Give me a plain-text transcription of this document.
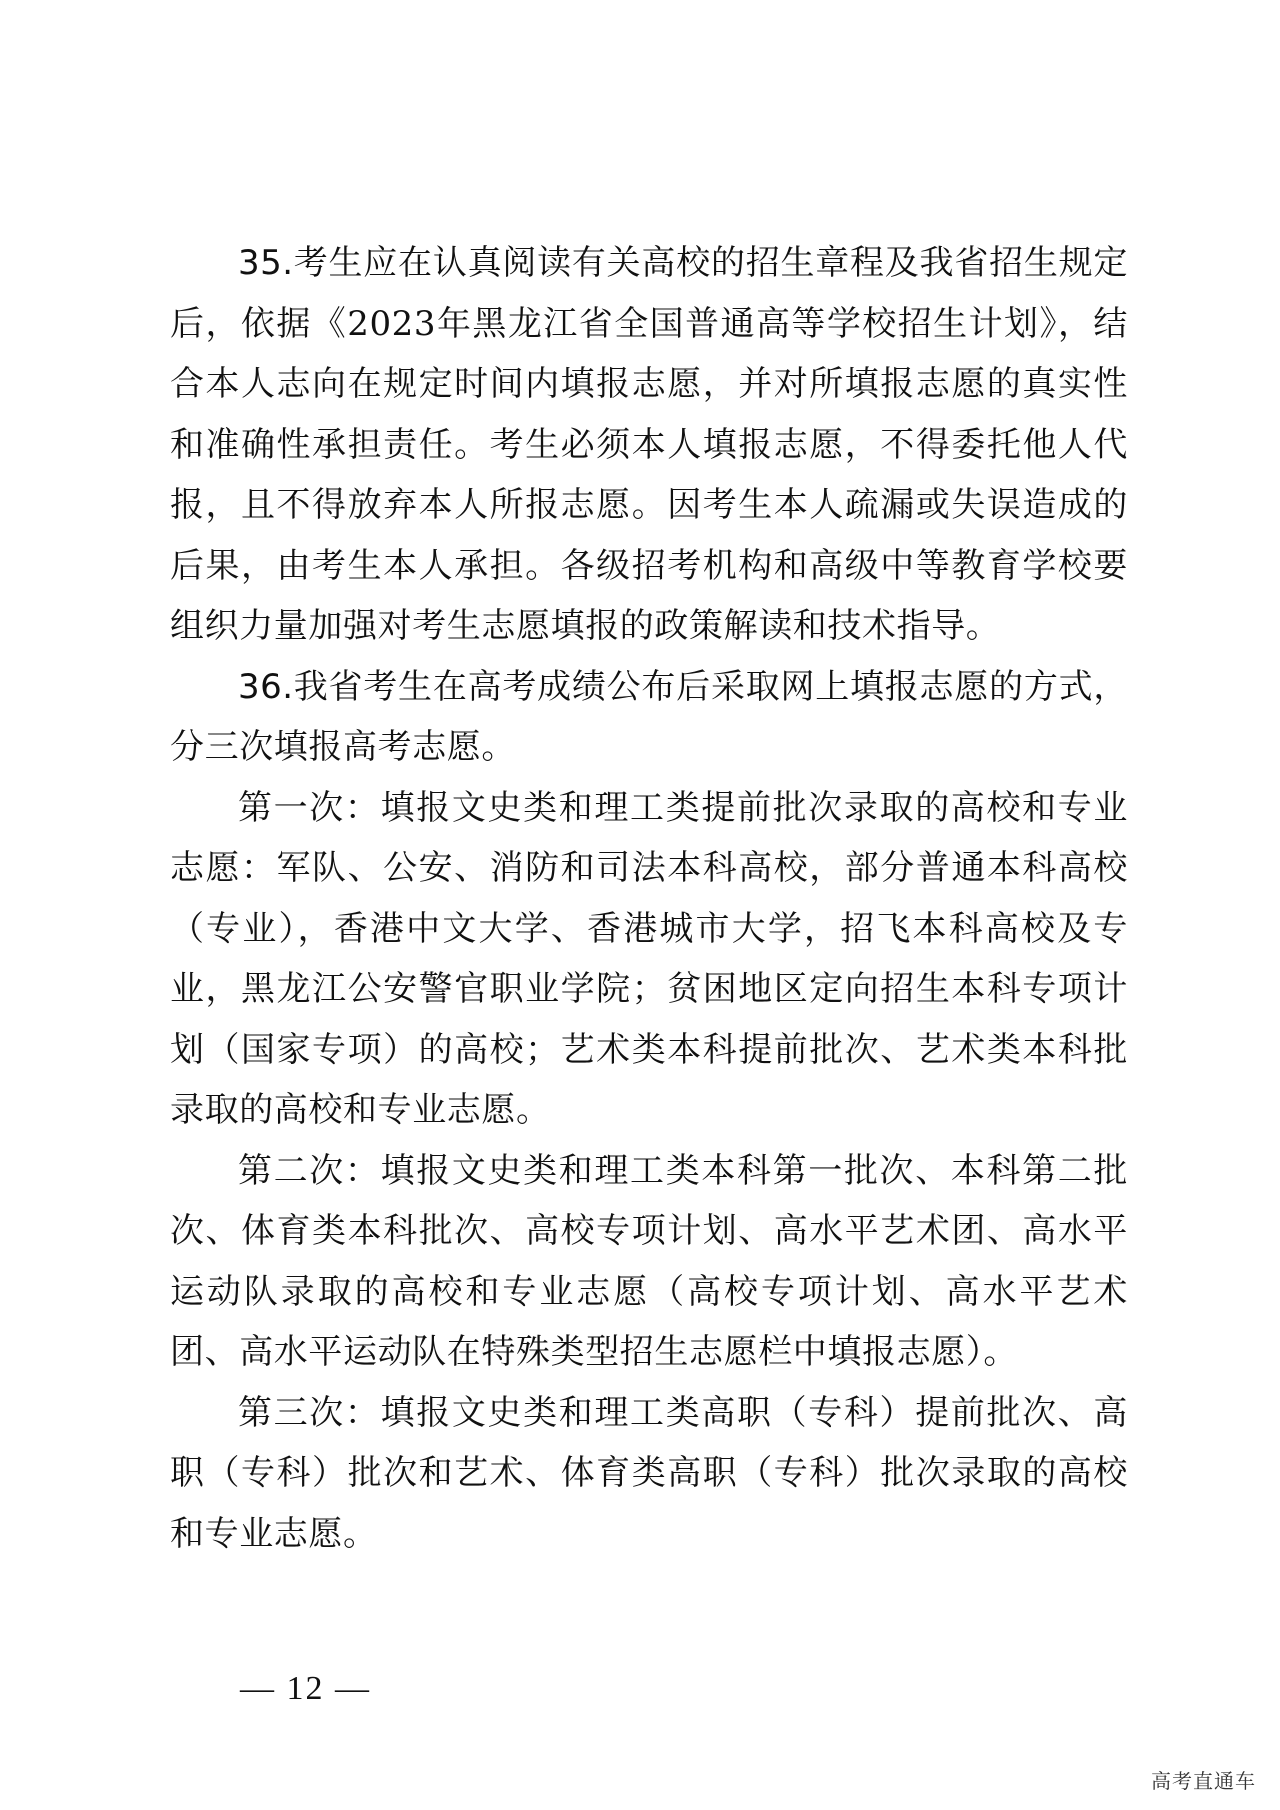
35.考生应在认真阅读有关高校的招生章程及我省招生规定后，依据《2023年黑龙江省全国普通高等学校招生计划》，结合本人志向在规定时间内填报志愿，并对所填报志愿的真实性和准确性承担责任。考生必须本人填报志愿，不得委托他人代报，且不得放弃本人所报志愿。因考生本人疏漏或失误造成的后果，由考生本人承担。各级招考机构和高级中等教育学校要组织力量加强对考生志愿填报的政策解读和技术指导。

36.我省考生在高考成绩公布后采取网上填报志愿的方式，分三次填报高考志愿。

第一次：填报文史类和理工类提前批次录取的高校和专业志愿：军队、公安、消防和司法本科高校，部分普通本科高校（专业），香港中文大学、香港城市大学，招飞本科高校及专业，黑龙江公安警官职业学院；贫困地区定向招生本科专项计划（国家专项）的高校；艺术类本科提前批次、艺术类本科批录取的高校和专业志愿。

第二次：填报文史类和理工类本科第一批次、本科第二批次、体育类本科批次、高校专项计划、高水平艺术团、高水平运动队录取的高校和专业志愿（高校专项计划、高水平艺术团、高水平运动队在特殊类型招生志愿栏中填报志愿）。

第三次：填报文史类和理工类高职（专科）提前批次、高职（专科）批次和艺术、体育类高职（专科）批次录取的高校和专业志愿。

— 12 —
高考直通车
